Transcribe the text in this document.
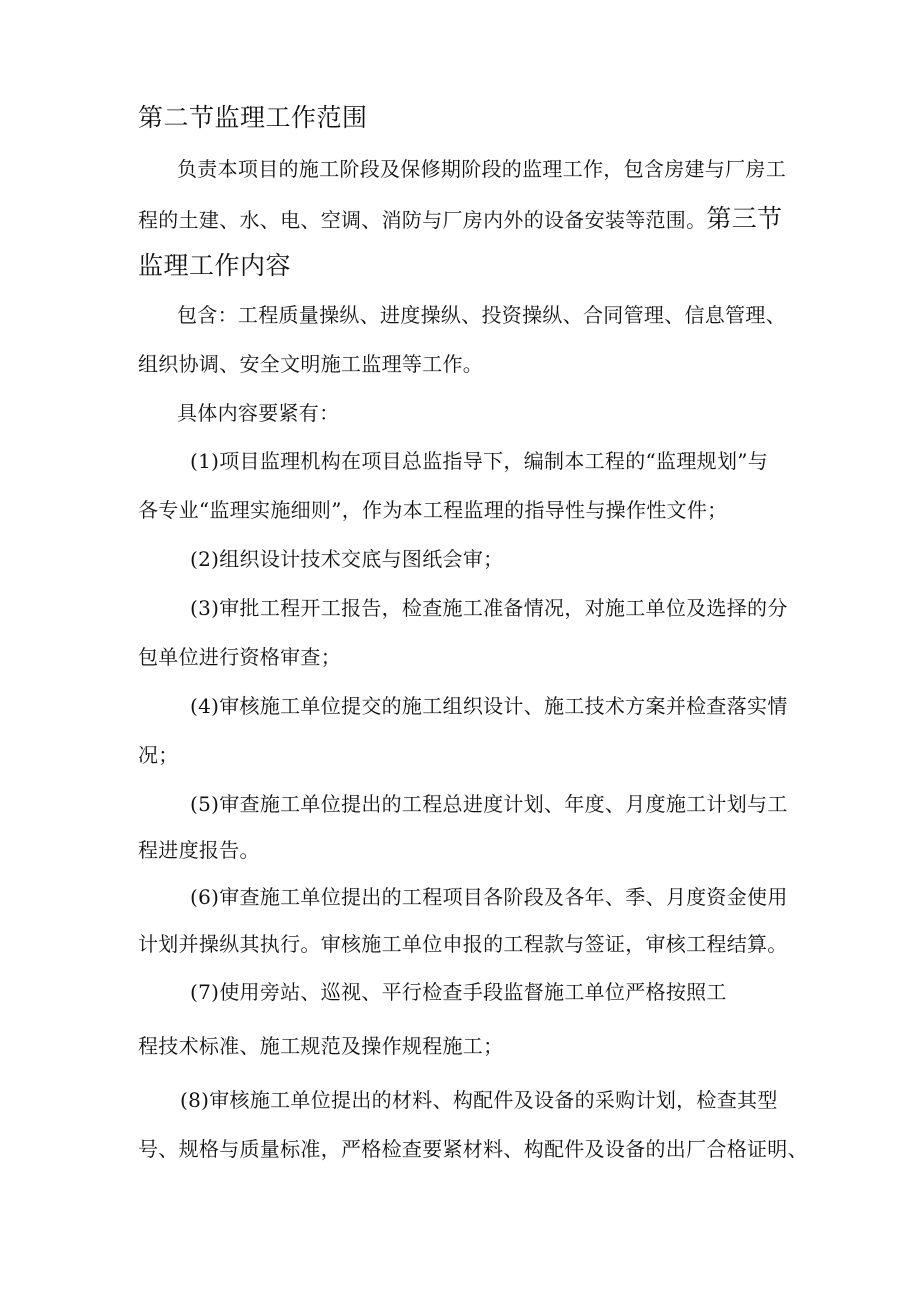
第二节监理工作范围
负责本项目的施工阶段及保修期阶段的监理工作，包含房建与厂房工
程的土建、水、电、空调、消防与厂房内外的设备安装等范围。第三节
监理工作内容
包含：工程质量操纵、进度操纵、投资操纵、合同管理、信息管理、
组织协调、安全文明施工监理等工作。
具体内容要紧有：
(1)项目监理机构在项目总监指导下，编制本工程的“监理规划”与
各专业“监理实施细则”，作为本工程监理的指导性与操作性文件；
(2)组织设计技术交底与图纸会审；
(3)审批工程开工报告，检查施工准备情况，对施工单位及选择的分
包单位进行资格审查；
(4)审核施工单位提交的施工组织设计、施工技术方案并检查落实情
况；
(5)审查施工单位提出的工程总进度计划、年度、月度施工计划与工
程进度报告。
(6)审查施工单位提出的工程项目各阶段及各年、季、月度资金使用
计划并操纵其执行。审核施工单位申报的工程款与签证，审核工程结算。
(7)使用旁站、巡视、平行检查手段监督施工单位严格按照工
程技术标准、施工规范及操作规程施工；
(8)审核施工单位提出的材料、构配件及设备的采购计划，检查其型
号、规格与质量标准，严格检查要紧材料、构配件及设备的出厂合格证明、
